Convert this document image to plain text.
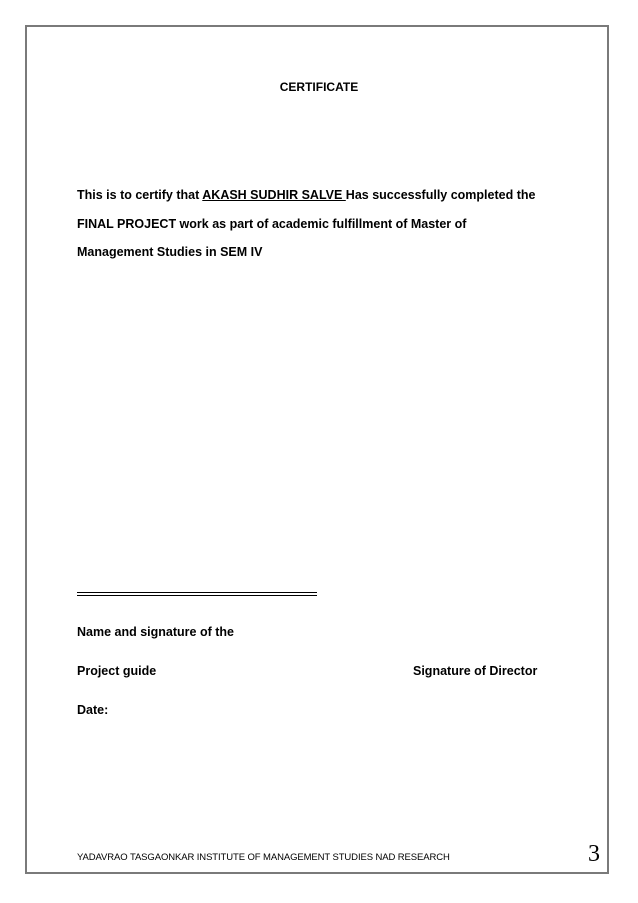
CERTIFICATE
This is to certify that AKASH SUDHIR SALVE Has successfully completed the
FINAL PROJECT work as part of academic fulfillment of Master of
Management Studies in SEM IV
Name and signature of the
Project guide	Signature of Director
Date:
YADAVRAO TASGAONKAR INSTITUTE OF MANAGEMENT STUDIES NAD RESEARCH	3
